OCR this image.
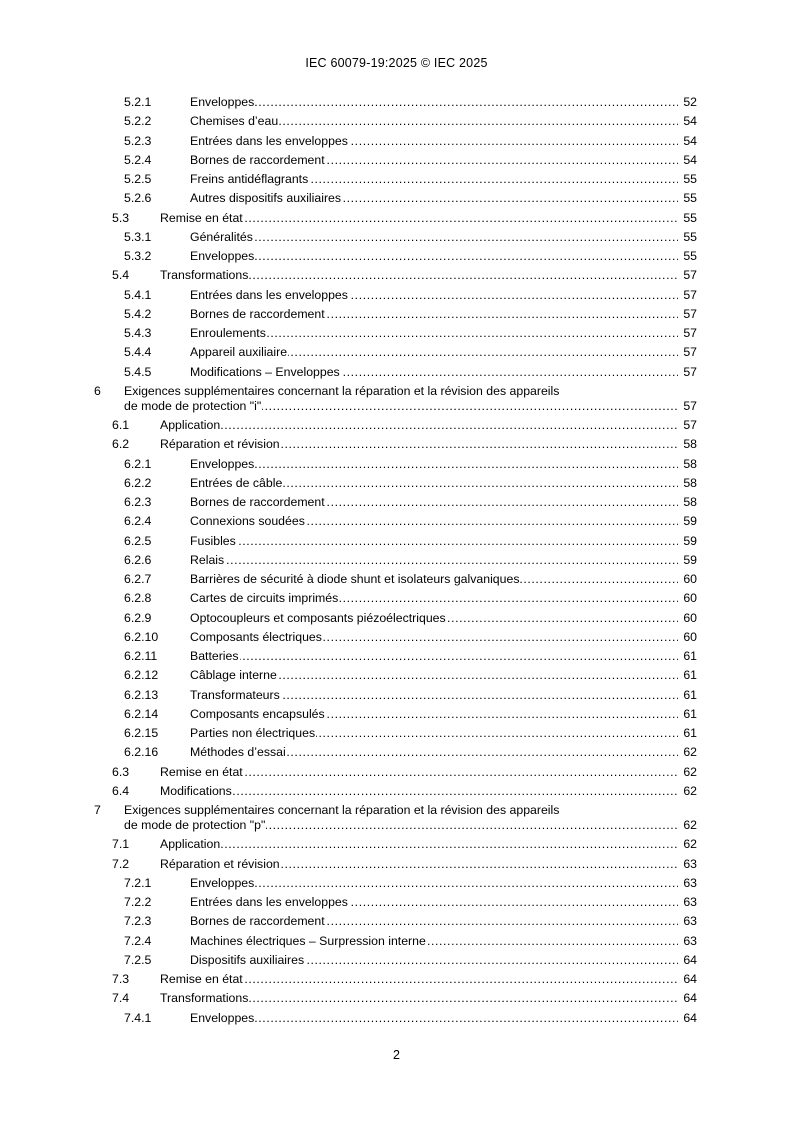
IEC 60079-19:2025 © IEC 2025
5.2.1	Enveloppes .....	52
5.2.2	Chemises d’eau .....	54
5.2.3	Entrées dans les enveloppes .....	54
5.2.4	Bornes de raccordement .....	54
5.2.5	Freins antidéflagrants .....	55
5.2.6	Autres dispositifs auxiliaires .....	55
5.3	Remise en état .....	55
5.3.1	Généralités .....	55
5.3.2	Enveloppes .....	55
5.4	Transformations .....	57
5.4.1	Entrées dans les enveloppes .....	57
5.4.2	Bornes de raccordement .....	57
5.4.3	Enroulements .....	57
5.4.4	Appareil auxiliaire .....	57
5.4.5	Modifications – Enveloppes .....	57
6 Exigences supplémentaires concernant la réparation et la révision des appareils
de mode de protection "i" .....	57
6.1	Application .....	57
6.2	Réparation et révision .....	58
6.2.1	Enveloppes .....	58
6.2.2	Entrées de câble .....	58
6.2.3	Bornes de raccordement .....	58
6.2.4	Connexions soudées .....	59
6.2.5	Fusibles .....	59
6.2.6	Relais .....	59
6.2.7	Barrières de sécurité à diode shunt et isolateurs galvaniques .....	60
6.2.8	Cartes de circuits imprimés .....	60
6.2.9	Optocoupleurs et composants piézoélectriques .....	60
6.2.10	Composants électriques .....	60
6.2.11	Batteries .....	61
6.2.12	Câblage interne .....	61
6.2.13	Transformateurs .....	61
6.2.14	Composants encapsulés .....	61
6.2.15	Parties non électriques .....	61
6.2.16	Méthodes d’essai .....	62
6.3	Remise en état .....	62
6.4	Modifications .....	62
7 Exigences supplémentaires concernant la réparation et la révision des appareils
de mode de protection "p" .....	62
7.1	Application .....	62
7.2	Réparation et révision .....	63
7.2.1	Enveloppes .....	63
7.2.2	Entrées dans les enveloppes .....	63
7.2.3	Bornes de raccordement .....	63
7.2.4	Machines électriques – Surpression interne .....	63
7.2.5	Dispositifs auxiliaires .....	64
7.3	Remise en état .....	64
7.4	Transformations .....	64
7.4.1	Enveloppes .....	64
2
